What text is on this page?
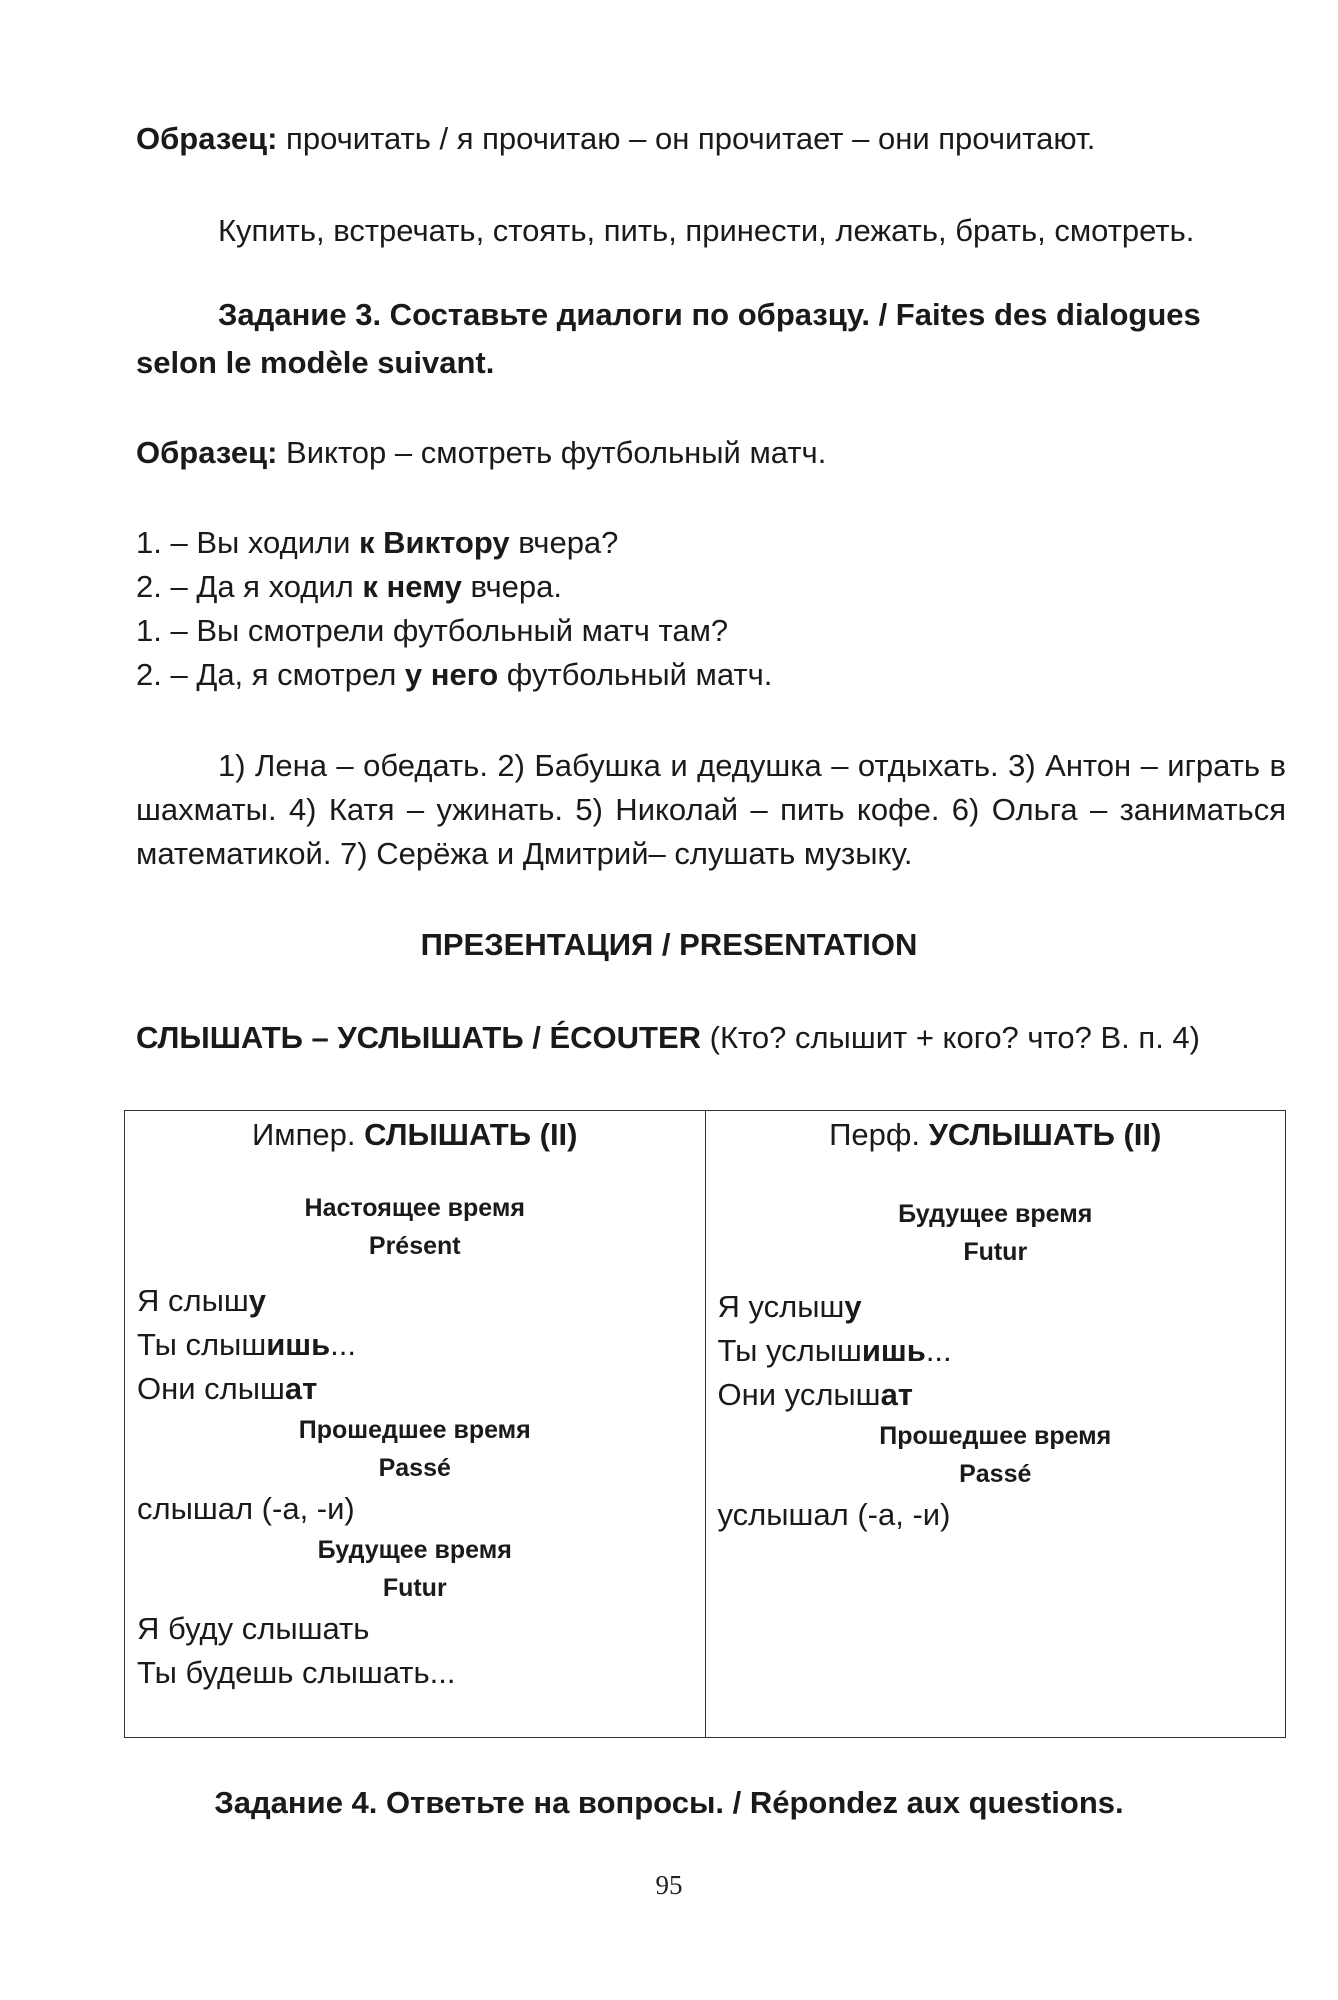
Образец: прочитать / я прочитаю – он прочитает – они прочитают.
Купить, встречать, стоять, пить, принести, лежать, брать, смотреть.
Задание 3. Составьте диалоги по образцу. / Faites des dialogues
selon le modèle suivant.
Образец: Виктор – смотреть футбольный матч.
1. – Вы ходили к Виктору вчера?
2. – Да я ходил к нему вчера.
1. – Вы смотрели футбольный матч там?
2. – Да, я смотрел у него футбольный матч.
1) Лена – обедать. 2) Бабушка и дедушка – отдыхать. 3) Антон – играть в шахматы. 4) Катя – ужинать. 5) Николай – пить кофе. 6) Ольга – заниматься математикой. 7) Серёжа и Дмитрий– слушать музыку.
ПРЕЗЕНТАЦИЯ / PRESENTATION
СЛЫШАТЬ – УСЛЫШАТЬ / ÉCOUTER (Кто? слышит + кого? что? В. п. 4)
Импер. СЛЫШАТЬ (II)
Настоящее время
Présent
Я слышу
Ты слышишь...
Они слышат
Прошедшее время
Passé
слышал (-а, -и)
Будущее время
Futur
Я буду слышать
Ты будешь слышать...

Перф. УСЛЫШАТЬ (II)
Будущее время
Futur
Я услышу
Ты услышишь...
Они услышат
Прошедшее время
Passé
услышал (-а, -и)
Задание 4. Ответьте на вопросы. / Répondez aux questions.
95
